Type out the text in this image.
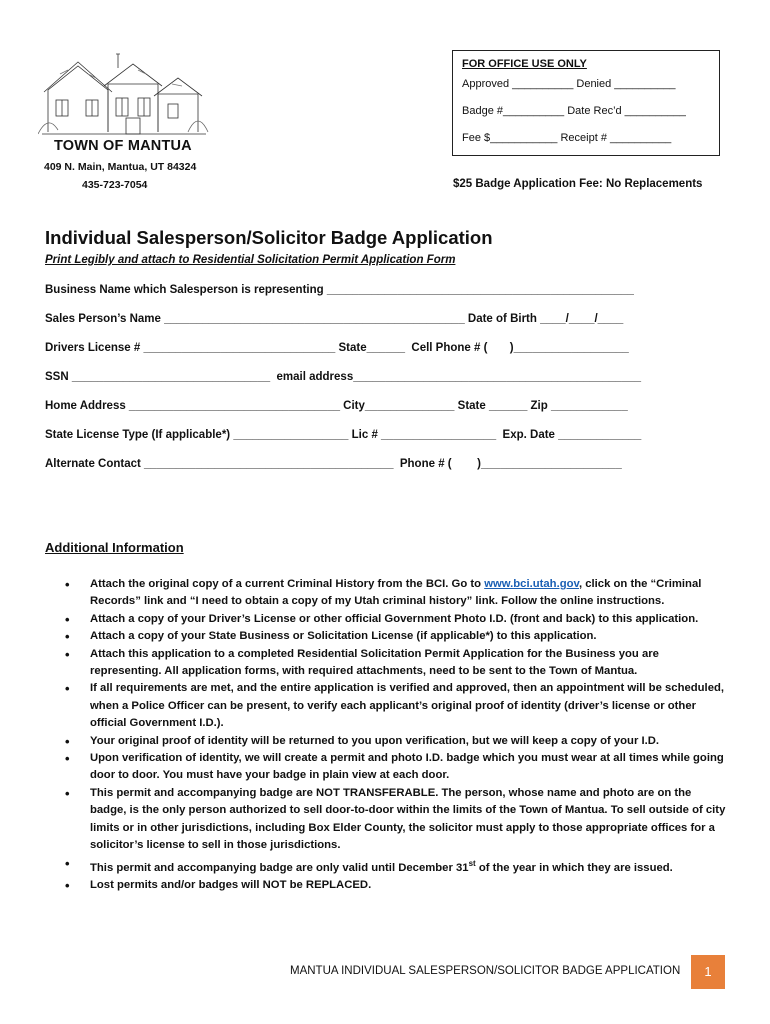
TOWN OF MANTUA
409 N. Main, Mantua, UT 84324
435-723-7054
FOR OFFICE USE ONLY
Approved __________ Denied __________
Badge #__________ Date Rec’d __________
Fee $___________ Receipt # __________
$25 Badge Application Fee: No Replacements
Individual Salesperson/Solicitor Badge Application
Print Legibly and attach to Residential Solicitation Permit Application Form
Business Name which Salesperson is representing ________________________________________________
Sales Person’s Name _______________________________________________ Date of Birth ____/____/____
Drivers License # ______________________________ State______  Cell Phone # (       )__________________
SSN _______________________________  email address_____________________________________________
Home Address _________________________________ City______________ State ______ Zip ____________
State License Type (If applicable*) __________________ Lic # __________________  Exp. Date _____________
Alternate Contact _______________________________________  Phone # (        )______________________
Additional Information
• Attach the original copy of a current Criminal History from the BCI. Go to www.bci.utah.gov, click on the “Criminal Records” link and “I need to obtain a copy of my Utah criminal history” link. Follow the online instructions.
• Attach a copy of your Driver’s License or other official Government Photo I.D. (front and back) to this application.
• Attach a copy of your State Business or Solicitation License (if applicable*) to this application.
• Attach this application to a completed Residential Solicitation Permit Application for the Business you are representing. All application forms, with required attachments, need to be sent to the Town of Mantua.
• If all requirements are met, and the entire application is verified and approved, then an appointment will be scheduled, when a Police Officer can be present, to verify each applicant’s original proof of identity (driver’s license or other official Government I.D.).
• Your original proof of identity will be returned to you upon verification, but we will keep a copy of your I.D.
• Upon verification of identity, we will create a permit and photo I.D. badge which you must wear at all times while going door to door. You must have your badge in plain view at each door.
• This permit and accompanying badge are NOT TRANSFERABLE. The person, whose name and photo are on the badge, is the only person authorized to sell door-to-door within the limits of the Town of Mantua. To sell outside of city limits or in other jurisdictions, including Box Elder County, the solicitor must apply to those appropriate offices for a solicitor’s license to sell in those jurisdictions.
• This permit and accompanying badge are only valid until December 31st of the year in which they are issued.
• Lost permits and/or badges will NOT be REPLACED.
MANTUA INDIVIDUAL SALESPERSON/SOLICITOR BADGE APPLICATION	1
